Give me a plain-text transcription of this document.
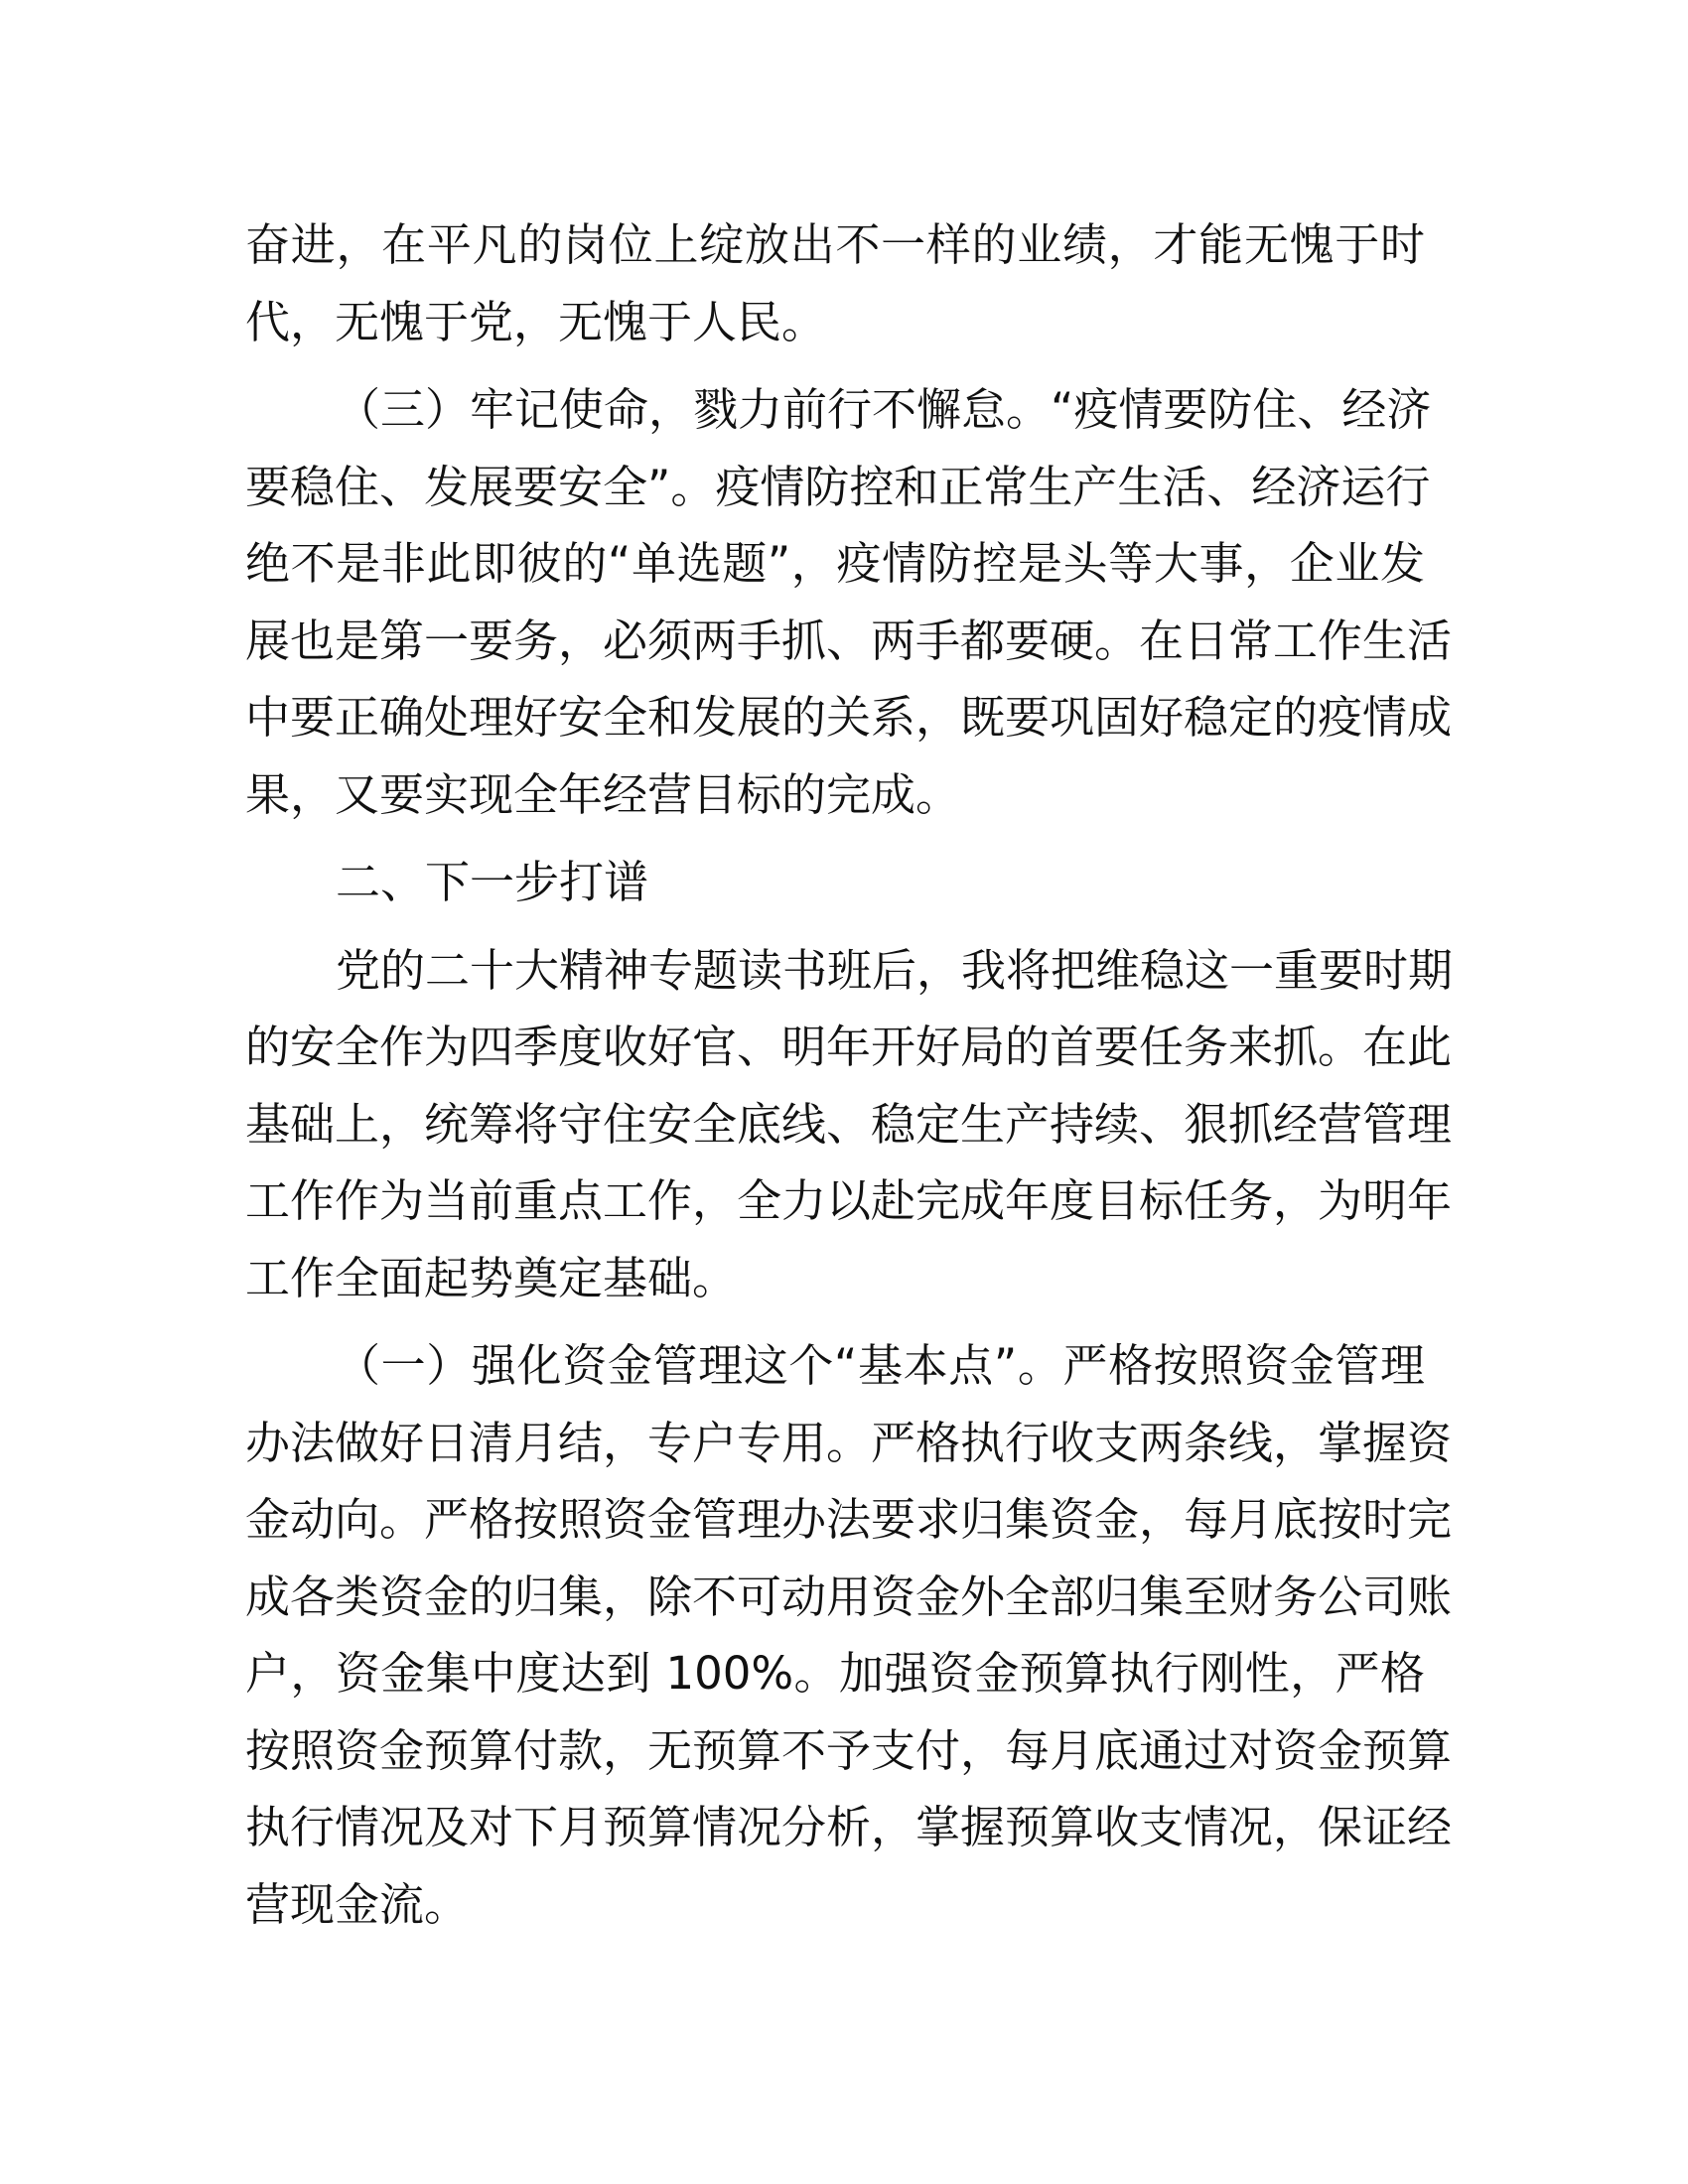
奋进，在平凡的岗位上绽放出不一样的业绩，才能无愧于时
代，无愧于党，无愧于人民。
（三）牢记使命，戮力前行不懈怠。“疫情要防住、经济
要稳住、发展要安全”。疫情防控和正常生产生活、经济运行
绝不是非此即彼的“单选题”，疫情防控是头等大事，企业发
展也是第一要务，必须两手抓、两手都要硬。在日常工作生活
中要正确处理好安全和发展的关系，既要巩固好稳定的疫情成
果，又要实现全年经营目标的完成。
二、下一步打谱
党的二十大精神专题读书班后，我将把维稳这一重要时期
的安全作为四季度收好官、明年开好局的首要任务来抓。在此
基础上，统筹将守住安全底线、稳定生产持续、狠抓经营管理
工作作为当前重点工作，全力以赴完成年度目标任务，为明年
工作全面起势奠定基础。
（一）强化资金管理这个“基本点”。严格按照资金管理
办法做好日清月结，专户专用。严格执行收支两条线，掌握资
金动向。严格按照资金管理办法要求归集资金，每月底按时完
成各类资金的归集，除不可动用资金外全部归集至财务公司账
户，资金集中度达到 100%。加强资金预算执行刚性，严格
按照资金预算付款，无预算不予支付，每月底通过对资金预算
执行情况及对下月预算情况分析，掌握预算收支情况，保证经
营现金流。
